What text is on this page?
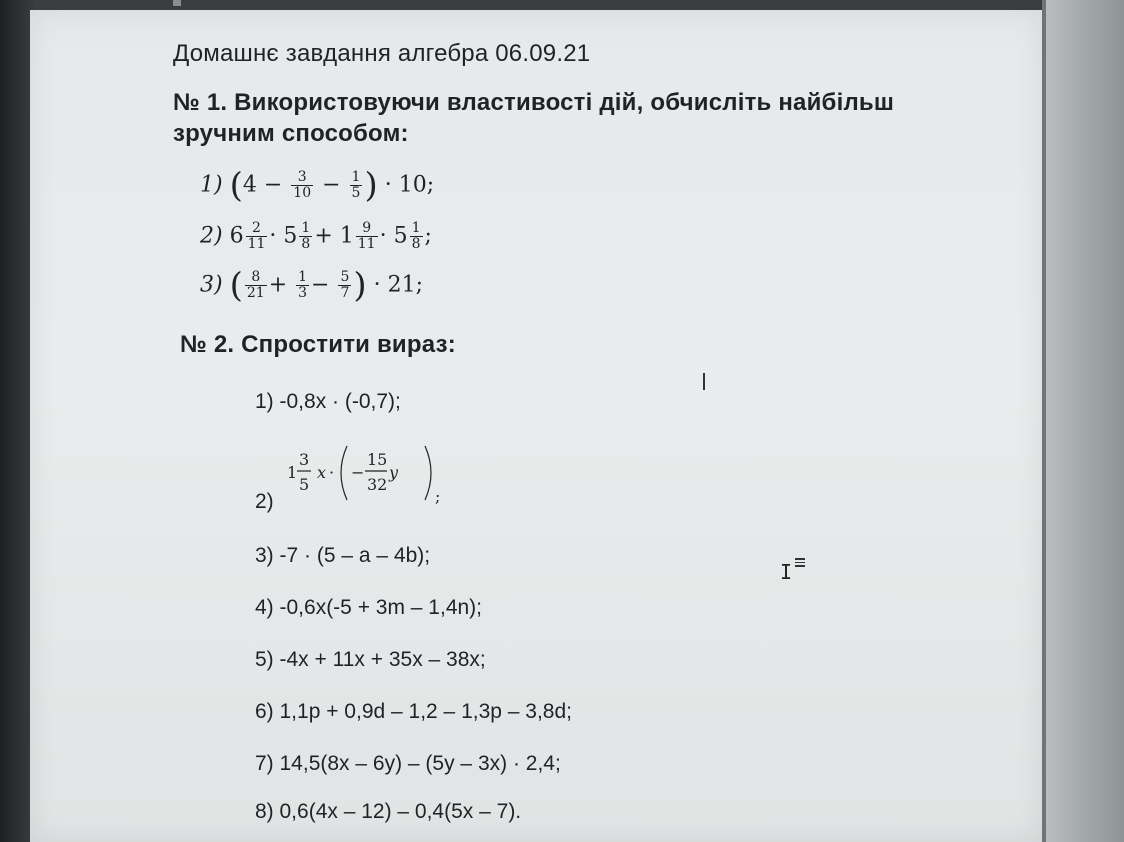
Домашнє завдання алгебра 06.09.21
№ 1. Використовуючи властивості дій, обчисліть найбільш
зручним способом:
1) ($4 - \frac{3}{10} - \frac{1}{5}$ ) · 10;
2) $6 \frac{2}{11} \cdot 5 \frac{1}{8} + 1 \frac{9}{11} \cdot 5 \frac{1}{8}$ ;
3) ( $\frac{8}{21} + \frac{1}{3} - \frac{5}{7}$ ) · 21;
№ 2. Спростити вираз:
1) -0,8x · (-0,7);
2)
1
3
5
x · −
15
32
y
;
3) -7 · (5 – a – 4b);
4) -0,6x(-5 + 3m – 1,4n);
5) -4x + 11x + 35x – 38x;
6) 1,1p + 0,9d – 1,2 – 1,3p – 3,8d;
7) 14,5(8x – 6y) – (5y – 3x) · 2,4;
8) 0,6(4x – 12) – 0,4(5x – 7).
I
